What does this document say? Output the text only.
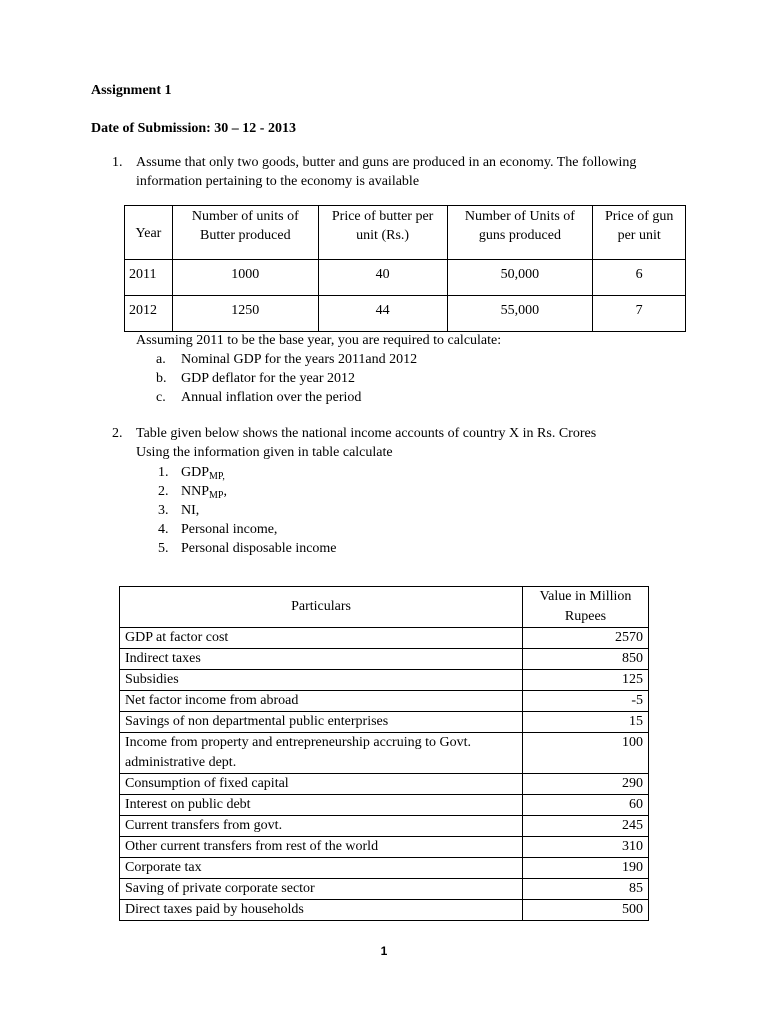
Assignment 1
Date of Submission: 30 – 12 - 2013
1. Assume that only two goods, butter and guns are produced in an economy. The following information pertaining to the economy is available
Year	Number of units of Butter produced	Price of butter per unit (Rs.)	Number of Units of guns produced	Price of gun per unit
2011	1000	40	50,000	6
2012	1250	44	55,000	7
Assuming 2011 to be the base year, you are required to calculate:
a.	Nominal GDP for the years 2011and 2012
b.	GDP deflator for the year 2012
c.	Annual inflation over the period
2. Table given below shows the national income accounts of country X in Rs. Crores
Using the information given in table calculate
1. $GDP_{MP,}$
2. $NNP_{MP}$,
3. NI,
4. Personal income,
5. Personal disposable income
Particulars	Value in Million Rupees
GDP at factor cost	2570
Indirect taxes	850
Subsidies	125
Net factor income from abroad	-5
Savings of non departmental public enterprises	15
Income from property and entrepreneurship accruing to Govt. administrative dept.	100
Consumption of fixed capital	290
Interest on public debt	60
Current transfers from govt.	245
Other current transfers from rest of the world	310
Corporate tax	190
Saving of private corporate sector	85
Direct taxes paid by households	500
1
